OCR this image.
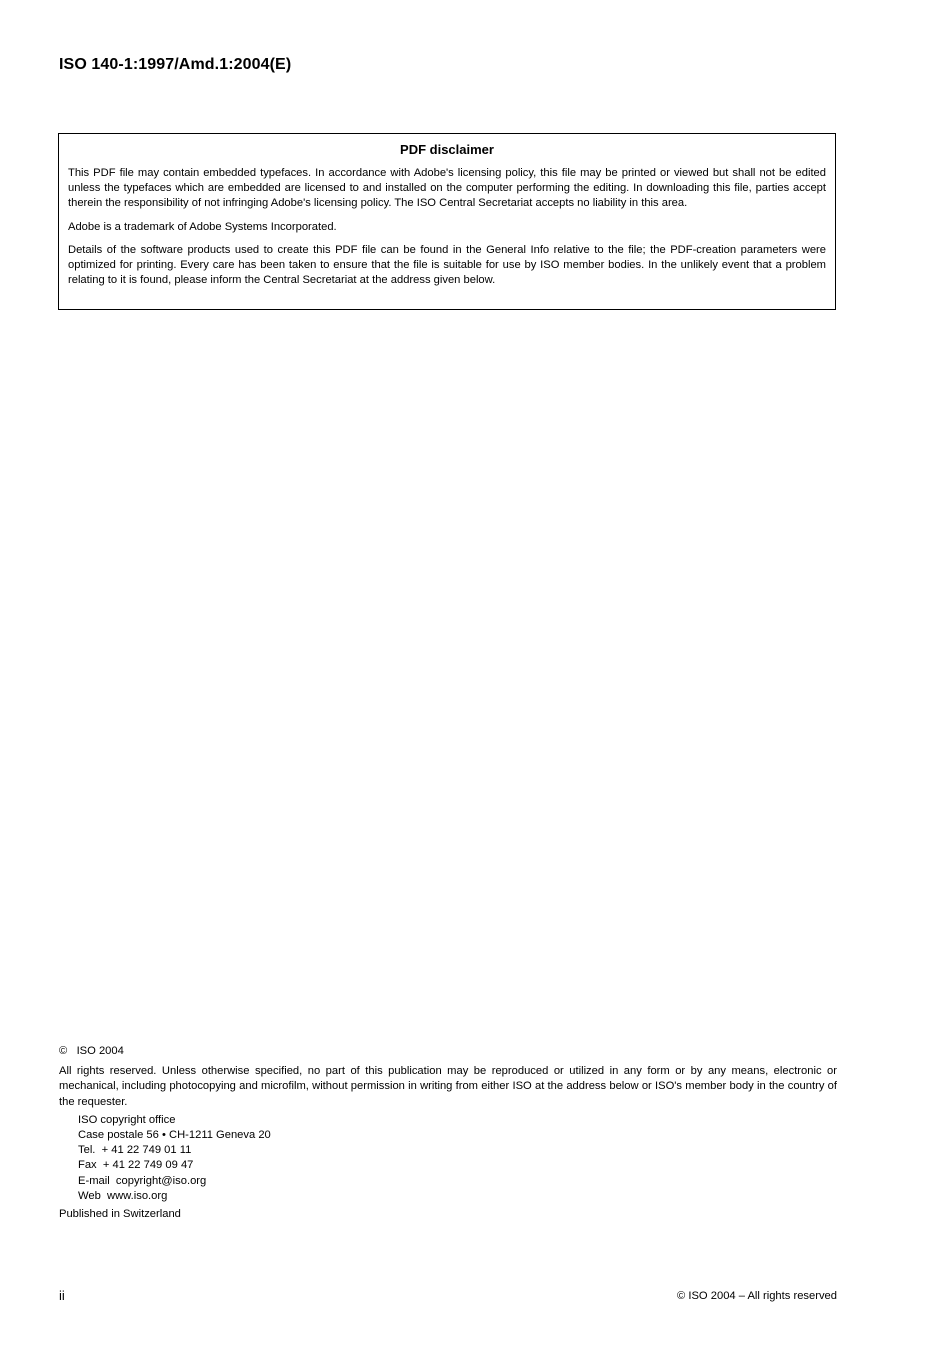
ISO 140-1:1997/Amd.1:2004(E)
PDF disclaimer

This PDF file may contain embedded typefaces. In accordance with Adobe's licensing policy, this file may be printed or viewed but shall not be edited unless the typefaces which are embedded are licensed to and installed on the computer performing the editing. In downloading this file, parties accept therein the responsibility of not infringing Adobe's licensing policy. The ISO Central Secretariat accepts no liability in this area.

Adobe is a trademark of Adobe Systems Incorporated.

Details of the software products used to create this PDF file can be found in the General Info relative to the file; the PDF-creation parameters were optimized for printing. Every care has been taken to ensure that the file is suitable for use by ISO member bodies. In the unlikely event that a problem relating to it is found, please inform the Central Secretariat at the address given below.

©   ISO 2004
All rights reserved. Unless otherwise specified, no part of this publication may be reproduced or utilized in any form or by any means, electronic or mechanical, including photocopying and microfilm, without permission in writing from either ISO at the address below or ISO's member body in the country of the requester.
ISO copyright office
Case postale 56 • CH-1211 Geneva 20
Tel.  + 41 22 749 01 11
Fax  + 41 22 749 09 47
E-mail  copyright@iso.org
Web  www.iso.org
Published in Switzerland
ii	© ISO 2004 – All rights reserved
